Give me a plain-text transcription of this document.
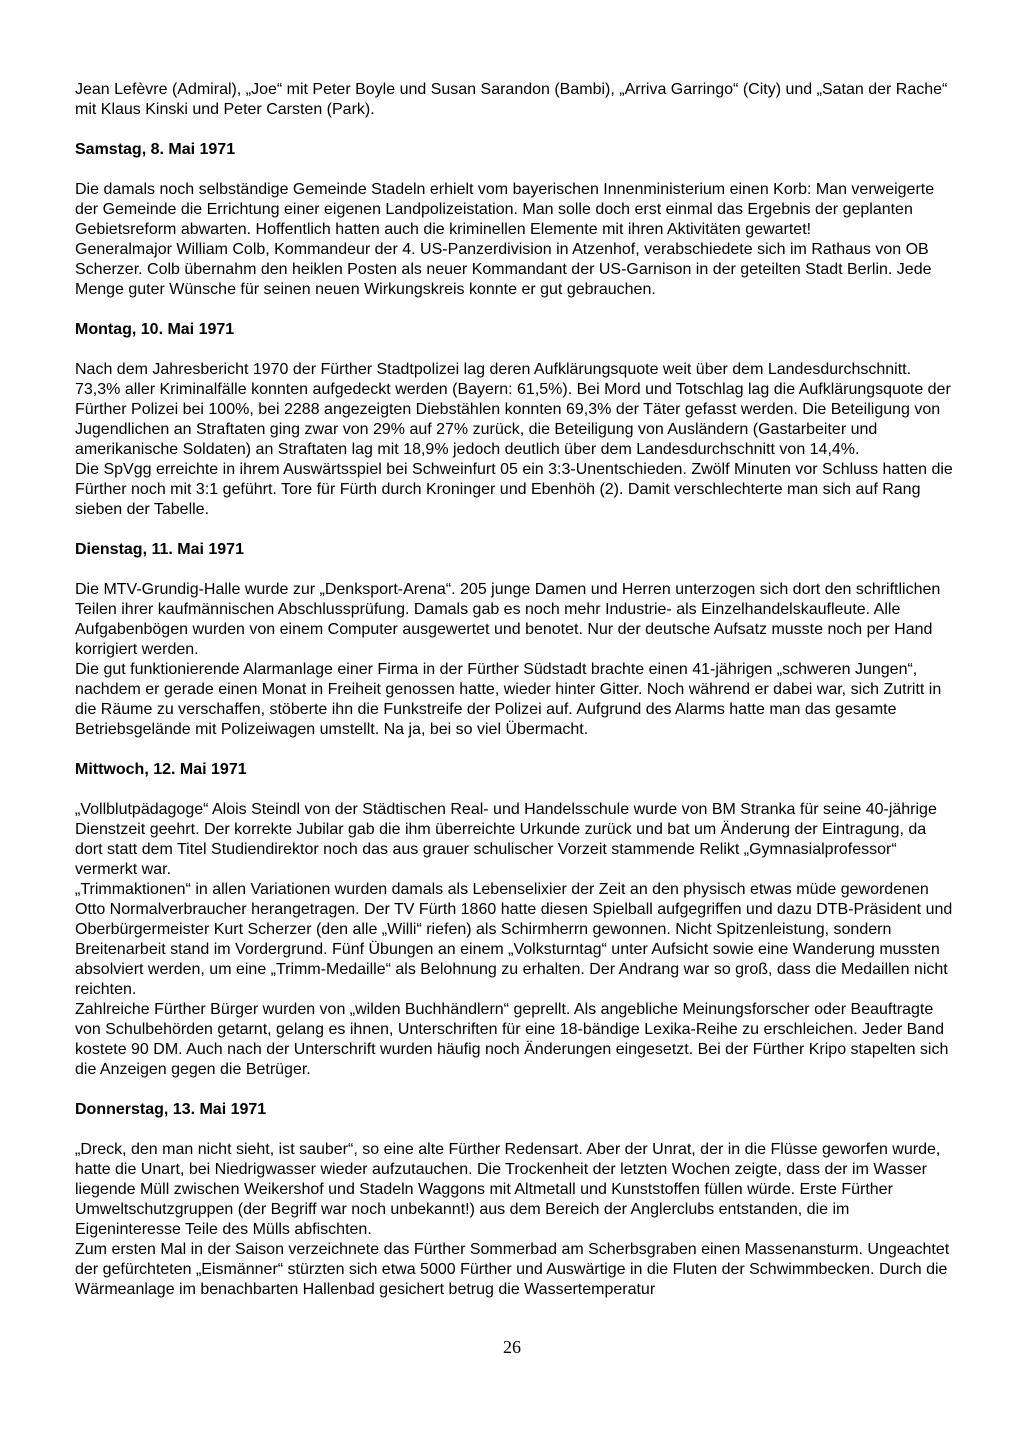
Jean Lefèvre (Admiral), „Joe“ mit Peter Boyle und Susan Sarandon (Bambi), „Arriva Garringo“ (City) und „Satan der Rache“ mit Klaus Kinski und Peter Carsten (Park).
Samstag, 8. Mai 1971
Die damals noch selbständige Gemeinde Stadeln erhielt vom bayerischen Innenministerium einen Korb: Man verweigerte der Gemeinde die Errichtung einer eigenen Landpolizeistation. Man solle doch erst einmal das Ergebnis der geplanten Gebietsreform abwarten. Hoffentlich hatten auch die kriminellen Elemente mit ihren Aktivitäten gewartet!
Generalmajor William Colb, Kommandeur der 4. US-Panzerdivision in Atzenhof, verabschiedete sich im Rathaus von OB Scherzer. Colb übernahm den heiklen Posten als neuer Kommandant der US-Garnison in der geteilten Stadt Berlin. Jede Menge guter Wünsche für seinen neuen Wirkungskreis konnte er gut gebrauchen.
Montag, 10. Mai 1971
Nach dem Jahresbericht 1970 der Fürther Stadtpolizei lag deren Aufklärungsquote weit über dem Landesdurchschnitt. 73,3% aller Kriminalfälle konnten aufgedeckt werden (Bayern: 61,5%). Bei Mord und Totschlag lag die Aufklärungsquote der Fürther Polizei bei 100%, bei 2288 angezeigten Diebstählen konnten 69,3% der Täter gefasst werden. Die Beteiligung von Jugendlichen an Straftaten ging zwar von 29% auf 27% zurück, die Beteiligung von Ausländern (Gastarbeiter und amerikanische Soldaten) an Straftaten lag mit 18,9% jedoch deutlich über dem Landesdurchschnitt von 14,4%.
Die SpVgg erreichte in ihrem Auswärtsspiel bei Schweinfurt 05 ein 3:3-Unentschieden. Zwölf Minuten vor Schluss hatten die Fürther noch mit 3:1 geführt. Tore für Fürth durch Kroninger und Ebenhöh (2). Damit verschlechterte man sich auf Rang sieben der Tabelle.
Dienstag, 11. Mai 1971
Die MTV-Grundig-Halle wurde zur „Denksport-Arena“. 205 junge Damen und Herren unterzogen sich dort den schriftlichen Teilen ihrer kaufmännischen Abschlussprüfung. Damals gab es noch mehr Industrie- als Einzelhandelskaufleute. Alle Aufgabenbögen wurden von einem Computer ausgewertet und benotet. Nur der deutsche Aufsatz musste noch per Hand korrigiert werden.
Die gut funktionierende Alarmanlage einer Firma in der Fürther Südstadt brachte einen 41-jährigen „schweren Jungen“, nachdem er gerade einen Monat in Freiheit genossen hatte, wieder hinter Gitter. Noch während er dabei war, sich Zutritt in die Räume zu verschaffen, stöberte ihn die Funkstreife der Polizei auf. Aufgrund des Alarms hatte man das gesamte Betriebsgelände mit Polizeiwagen umstellt. Na ja, bei so viel Übermacht.
Mittwoch, 12. Mai 1971
„Vollblutpädagoge“ Alois Steindl von der Städtischen Real- und Handelsschule wurde von BM Stranka für seine 40-jährige Dienstzeit geehrt. Der korrekte Jubilar gab die ihm überreichte Urkunde zurück und bat um Änderung der Eintragung, da dort statt dem Titel Studiendirektor noch das aus grauer schulischer Vorzeit stammende Relikt „Gymnasialprofessor“ vermerkt war.
„Trimmaktionen“ in allen Variationen wurden damals als Lebenselixier der Zeit an den physisch etwas müde gewordenen Otto Normalverbraucher herangetragen. Der TV Fürth 1860 hatte diesen Spielball aufgegriffen und dazu DTB-Präsident und Oberbürgermeister Kurt Scherzer (den alle „Willi“ riefen) als Schirmherrn gewonnen. Nicht Spitzenleistung, sondern Breitenarbeit stand im Vordergrund. Fünf Übungen an einem „Volksturntag“ unter Aufsicht sowie eine Wanderung mussten absolviert werden, um eine „Trimm-Medaille“ als Belohnung zu erhalten. Der Andrang war so groß, dass die Medaillen nicht reichten.
Zahlreiche Fürther Bürger wurden von „wilden Buchhändlern“ geprellt. Als angebliche Meinungsforscher oder Beauftragte von Schulbehörden getarnt, gelang es ihnen, Unterschriften für eine 18-bändige Lexika-Reihe zu erschleichen. Jeder Band kostete 90 DM. Auch nach der Unterschrift wurden häufig noch Änderungen eingesetzt. Bei der Fürther Kripo stapelten sich die Anzeigen gegen die Betrüger.
Donnerstag, 13. Mai 1971
„Dreck, den man nicht sieht, ist sauber“, so eine alte Fürther Redensart. Aber der Unrat, der in die Flüsse geworfen wurde, hatte die Unart, bei Niedrigwasser wieder aufzutauchen. Die Trockenheit der letzten Wochen zeigte, dass der im Wasser liegende Müll zwischen Weikershof und Stadeln Waggons mit Altmetall und Kunststoffen füllen würde. Erste Fürther Umweltschutzgruppen (der Begriff war noch unbekannt!) aus dem Bereich der Anglerclubs entstanden, die im Eigeninteresse Teile des Mülls abfischten.
Zum ersten Mal in der Saison verzeichnete das Fürther Sommerbad am Scherbsgraben einen Massenansturm. Ungeachtet der gefürchteten „Eismänner“ stürzten sich etwa 5000 Fürther und Auswärtige in die Fluten der Schwimmbecken. Durch die Wärmeanlage im benachbarten Hallenbad gesichert betrug die Wassertemperatur
26
